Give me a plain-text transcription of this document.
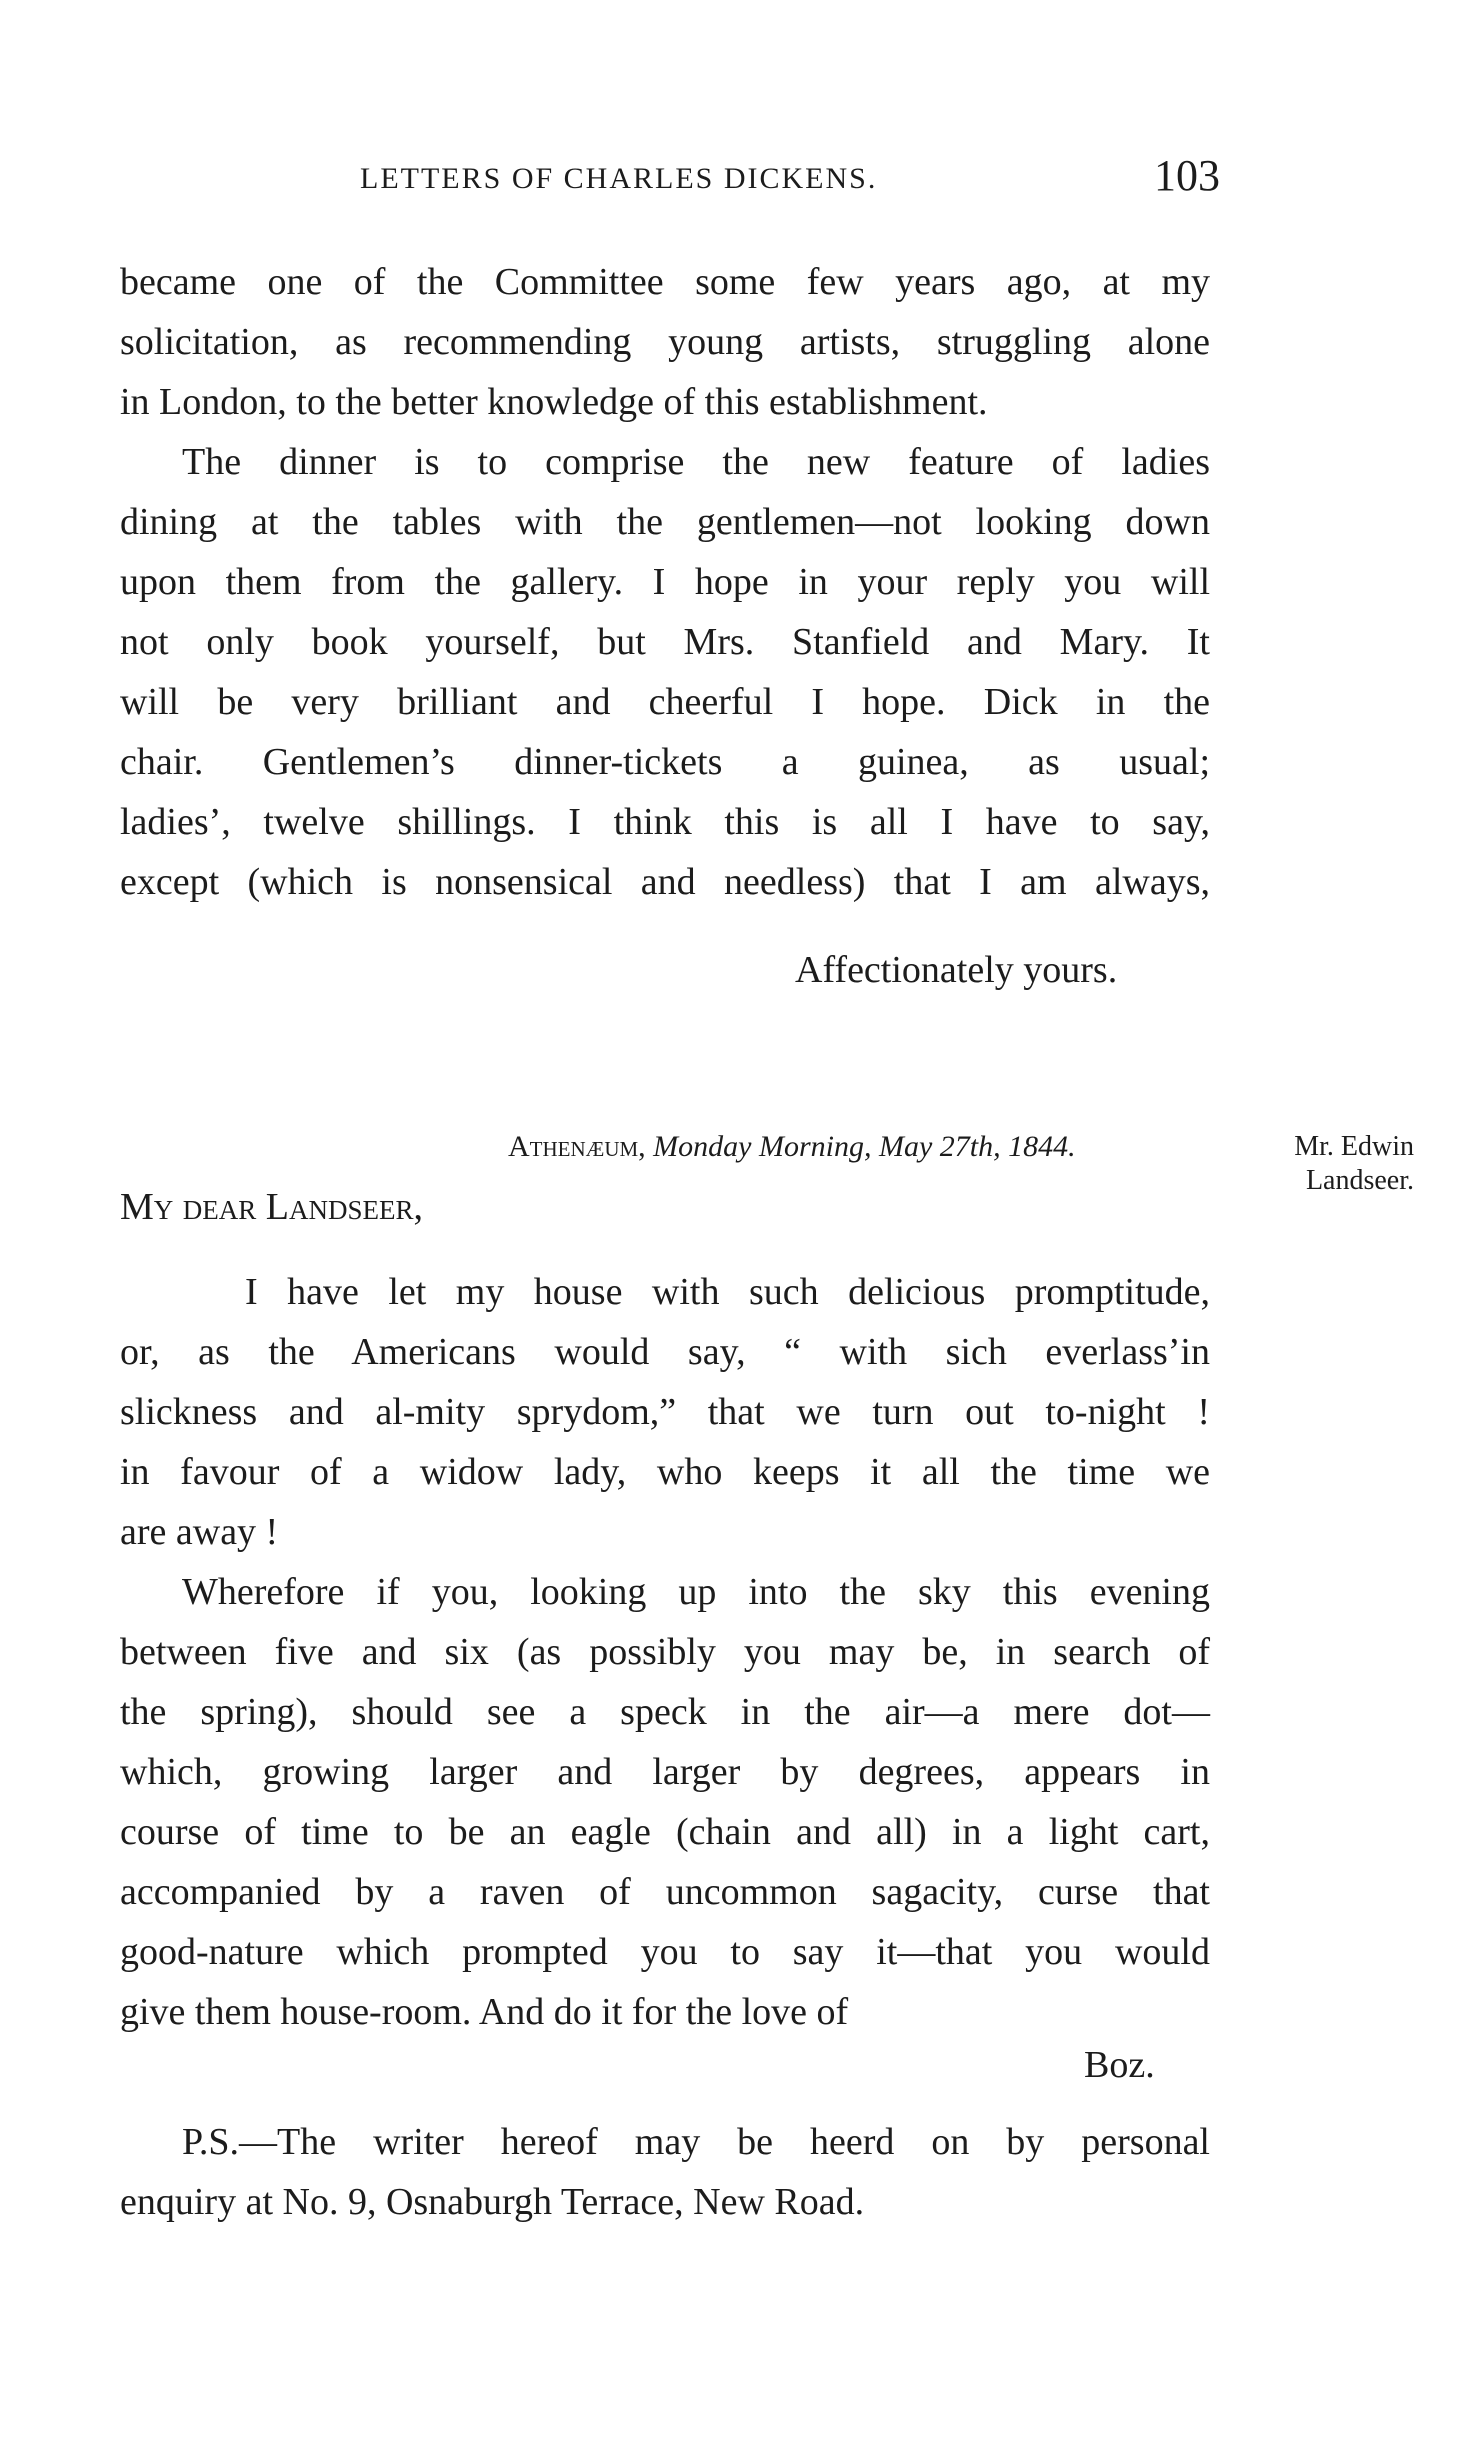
LETTERS OF CHARLES DICKENS.	103
became one of the Committee some few years ago, at my
solicitation, as recommending young artists, struggling alone
in London, to the better knowledge of this establishment.
The dinner is to comprise the new feature of ladies
dining at the tables with the gentlemen—not looking down
upon them from the gallery. I hope in your reply you will
not only book yourself, but Mrs. Stanfield and Mary. It
will be very brilliant and cheerful I hope. Dick in the
chair. Gentlemen’s dinner-tickets a guinea, as usual;
ladies’, twelve shillings. I think this is all I have to say,
except (which is nonsensical and needless) that I am always,
Affectionately yours.
Athenæum, Monday Morning, May 27th, 1844.	Mr. Edwin Landseer.
My dear Landseer,
I have let my house with such delicious promptitude,
or, as the Americans would say, “ with sich everlass’in
slickness and al-mity sprydom,” that we turn out to-night !
in favour of a widow lady, who keeps it all the time we
are away !
Wherefore if you, looking up into the sky this evening
between five and six (as possibly you may be, in search of
the spring), should see a speck in the air—a mere dot—
which, growing larger and larger by degrees, appears in
course of time to be an eagle (chain and all) in a light cart,
accompanied by a raven of uncommon sagacity, curse that
good-nature which prompted you to say it—that you would
give them house-room. And do it for the love of
Boz.
P.S.—The writer hereof may be heerd on by personal
enquiry at No. 9, Osnaburgh Terrace, New Road.
